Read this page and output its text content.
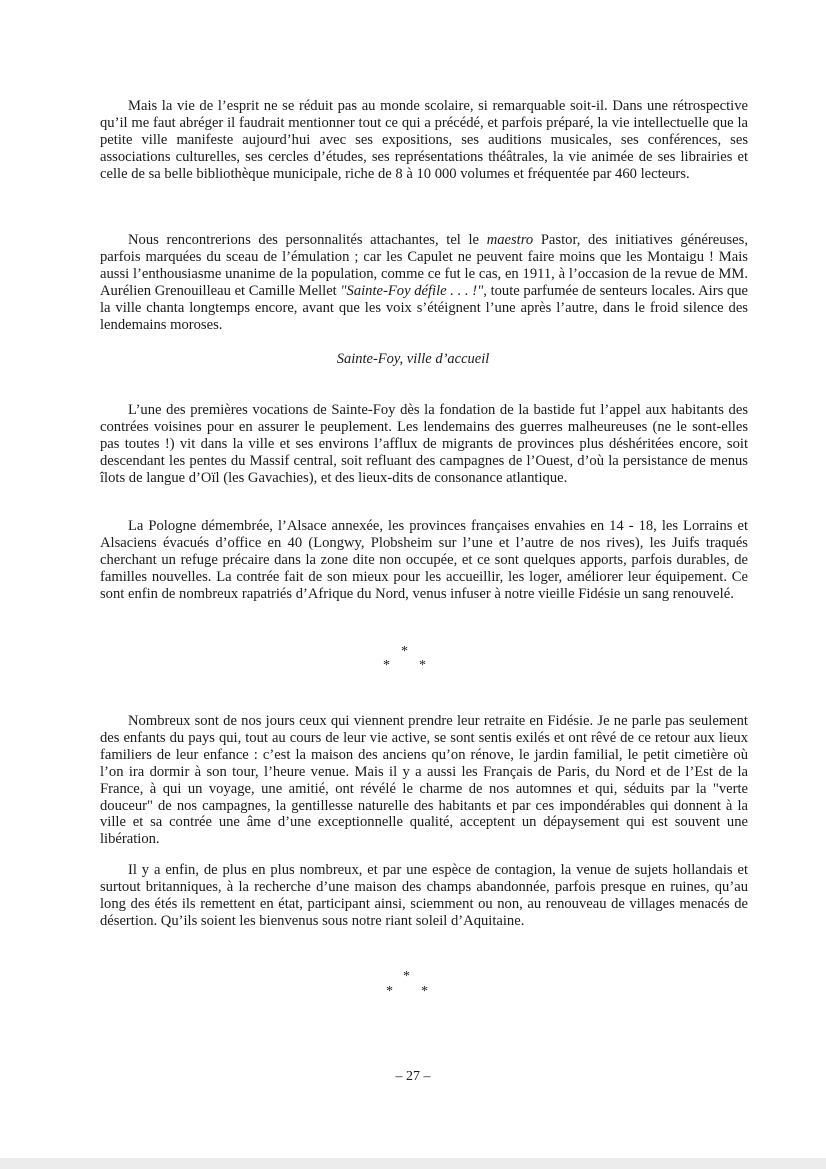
Mais la vie de l’esprit ne se réduit pas au monde scolaire, si remarquable soit-il. Dans une rétrospective qu’il me faut abréger il faudrait mentionner tout ce qui a précédé, et parfois préparé, la vie intellectuelle que la petite ville manifeste aujourd’hui avec ses expositions, ses auditions musicales, ses conférences, ses associations culturelles, ses cercles d’études, ses représentations théâtrales, la vie animée de ses librairies et celle de sa belle bibliothèque municipale, riche de 8 à 10 000 volumes et fréquentée par 460 lecteurs.

Nous rencontrerions des personnalités attachantes, tel le maestro Pastor, des initiatives généreuses, parfois marquées du sceau de l’émulation ; car les Capulet ne peuvent faire moins que les Montaigu ! Mais aussi l’enthousiasme unanime de la population, comme ce fut le cas, en 1911, à l’occasion de la revue de MM. Aurélien Grenouilleau et Camille Mellet "Sainte-Foy défile . . . !", toute parfumée de senteurs locales. Airs que la ville chanta longtemps encore, avant que les voix s’étéignent l’une après l’autre, dans le froid silence des lendemains moroses.

Sainte-Foy, ville d’accueil

L’une des premières vocations de Sainte-Foy dès la fondation de la bastide fut l’appel aux habitants des contrées voisines pour en assurer le peuplement. Les lendemains des guerres malheureuses (ne le sont-elles pas toutes !) vit dans la ville et ses environs l’afflux de migrants de provinces plus déshéritées encore, soit descendant les pentes du Massif central, soit refluant des campagnes de l’Ouest, d’où la persistance de menus îlots de langue d’Oïl (les Gavachies), et des lieux-dits de consonance atlantique.

La Pologne démembrée, l’Alsace annexée, les provinces françaises envahies en 14 - 18, les Lorrains et Alsaciens évacués d’office en 40 (Longwy, Plobsheim sur l’une et l’autre de nos rives), les Juifs traqués cherchant un refuge précaire dans la zone dite non occupée, et ce sont quelques apports, parfois durables, de familles nouvelles. La contrée fait de son mieux pour les accueillir, les loger, améliorer leur équipement. Ce sont enfin de nombreux rapatriés d’Afrique du Nord, venus infuser à notre vieille Fidésie un sang renouvelé.

*
* *

Nombreux sont de nos jours ceux qui viennent prendre leur retraite en Fidésie. Je ne parle pas seulement des enfants du pays qui, tout au cours de leur vie active, se sont sentis exilés et ont rêvé de ce retour aux lieux familiers de leur enfance : c’est la maison des anciens qu’on rénove, le jardin familial, le petit cimetière où l’on ira dormir à son tour, l’heure venue. Mais il y a aussi les Français de Paris, du Nord et de l’Est de la France, à qui un voyage, une amitié, ont révélé le charme de nos automnes et qui, séduits par la "verte douceur" de nos campagnes, la gentillesse naturelle des habitants et par ces impondérables qui donnent à la ville et sa contrée une âme d’une exceptionnelle qualité, acceptent un dépaysement qui est souvent une libération.

Il y a enfin, de plus en plus nombreux, et par une espèce de contagion, la venue de sujets hollandais et surtout britanniques, à la recherche d’une maison des champs abandonnée, parfois presque en ruines, qu’au long des étés ils remettent en état, participant ainsi, sciemment ou non, au renouveau de villages menacés de désertion. Qu’ils soient les bienvenus sous notre riant soleil d’Aquitaine.

*
* *
– 27 –
